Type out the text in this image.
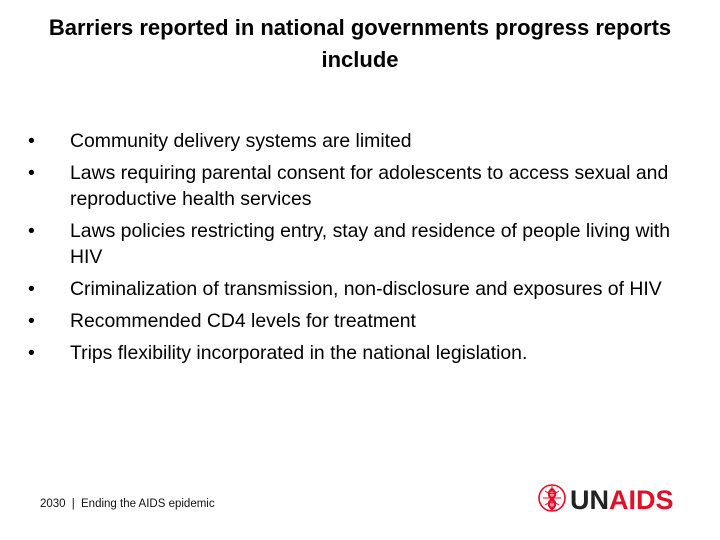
Barriers reported in national governments progress reports include
•	Community delivery systems are limited
•	Laws requiring parental consent for adolescents to access sexual and reproductive health services
•	Laws policies restricting entry, stay and residence of people living with HIV
•	Criminalization of transmission, non-disclosure and exposures of HIV
•	Recommended CD4 levels for treatment
•	Trips flexibility incorporated in the national legislation.
2030 | Ending the AIDS epidemic	UNAIDS
